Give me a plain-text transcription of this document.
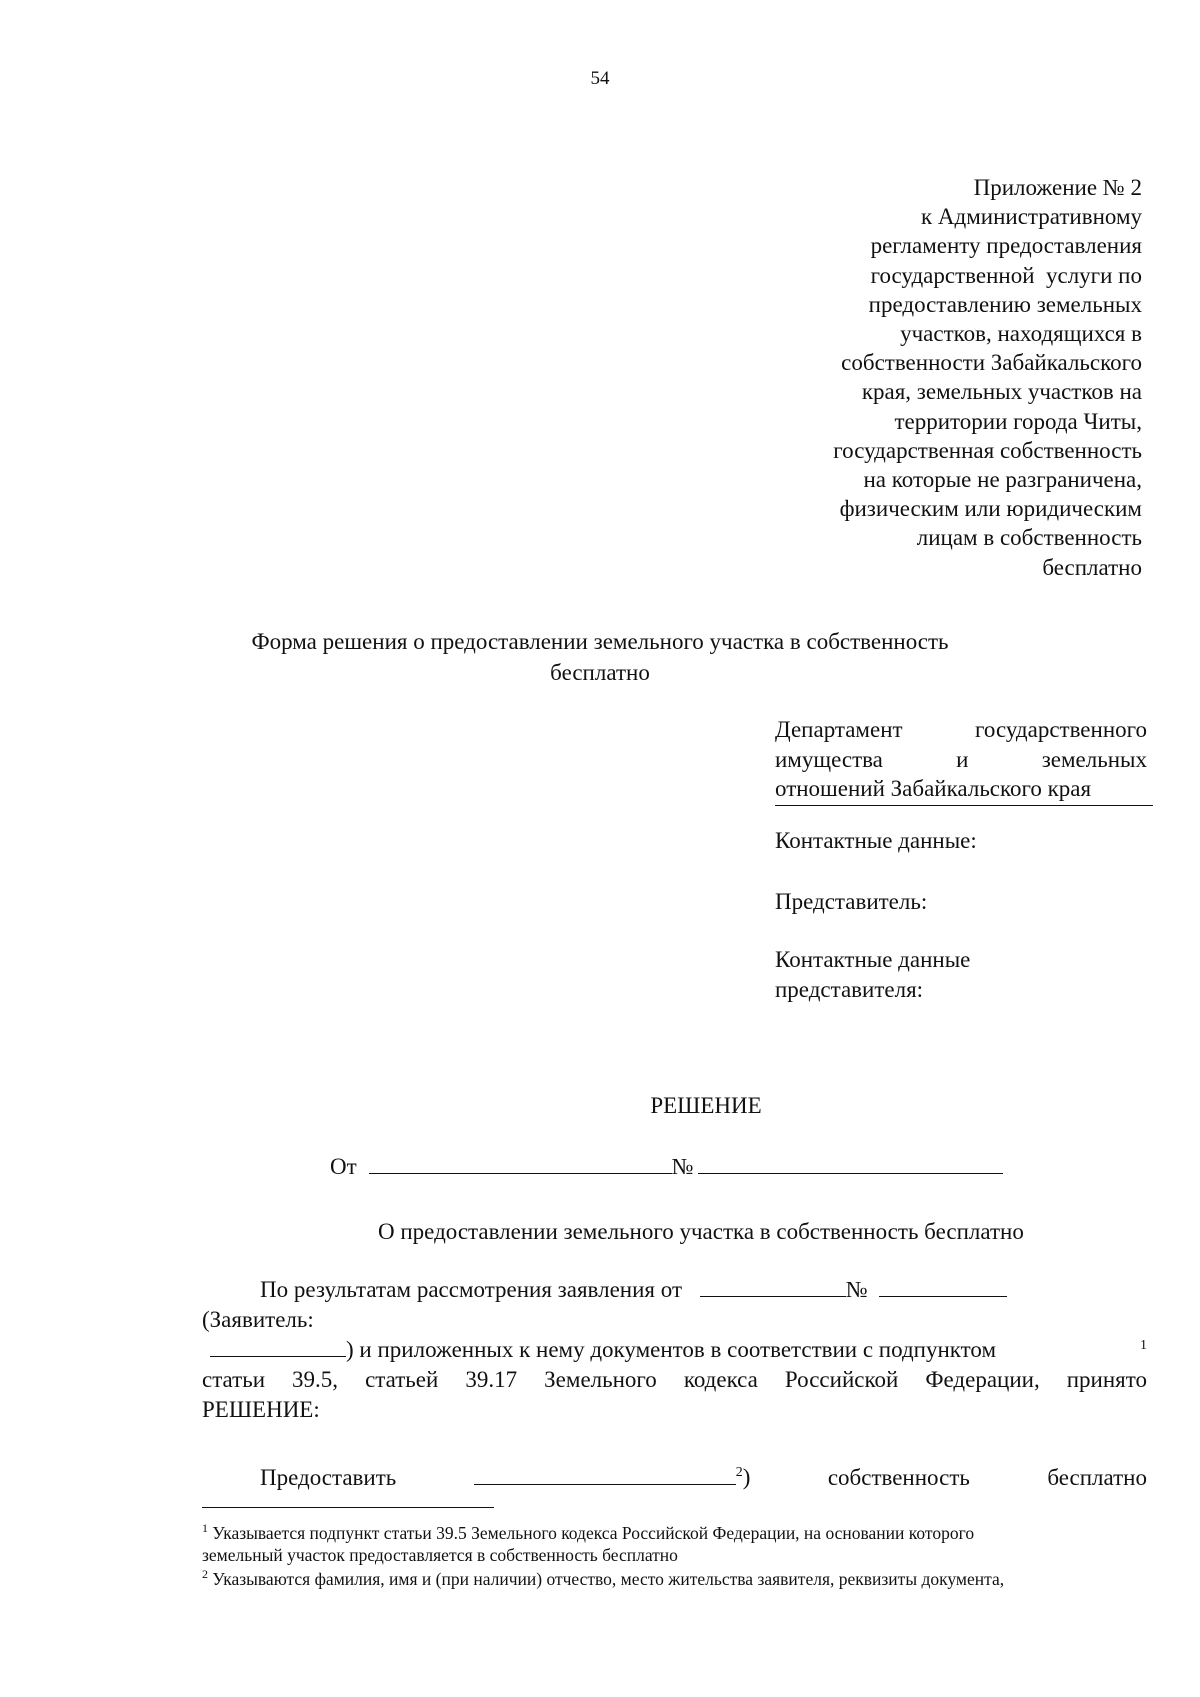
54
Приложение № 2
к Административному
регламенту предоставления
государственной  услуги по
предоставлению земельных
участков, находящихся в
собственности Забайкальского
края, земельных участков на
территории города Читы,
государственная собственность
на которые не разграничена,
физическим или юридическим
лицам в собственность
бесплатно
Форма решения о предоставлении земельного участка в собственность
бесплатно
Департамент	государственного
имущества	и	земельных
отношений Забайкальского края
Контактные данные:
Представитель:
Контактные данные
представителя:
РЕШЕНИЕ
От	№
О предоставлении земельного участка в собственность бесплатно
По результатам рассмотрения заявления от	№
(Заявитель:
) и приложенных к нему документов в соответствии с подпунктом	1
статьи 39.5, статьей 39.17 Земельного кодекса Российской Федерации, принято
РЕШЕНИЕ:
Предоставить	$^2$)	собственность	бесплатно
$^1$ Указывается подпункт статьи 39.5 Земельного кодекса Российской Федерации, на основании которого
земельный участок предоставляется в собственность бесплатно
$^2$ Указываются фамилия, имя и (при наличии) отчество, место жительства заявителя, реквизиты документа,
